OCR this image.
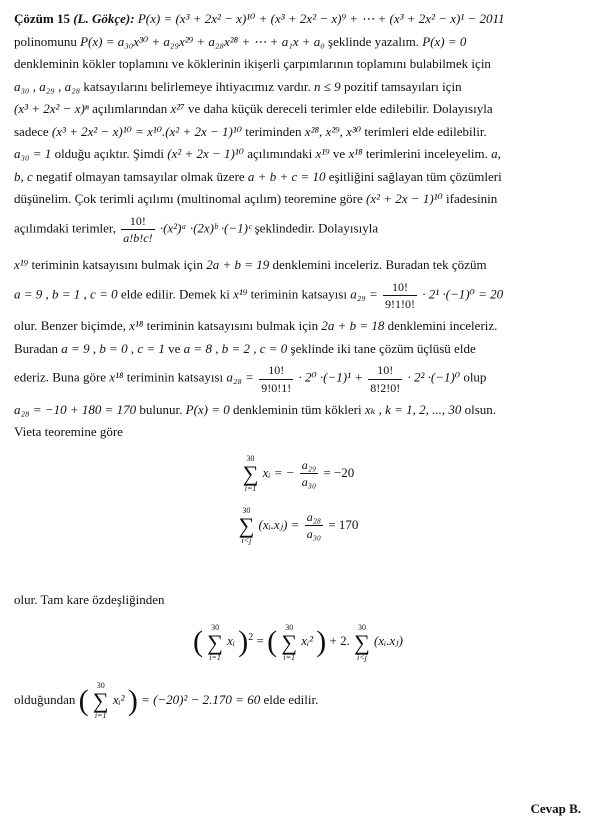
Çözüm 15 (L. Gökçe): P(x) = (x³ + 2x² − x)¹⁰ + (x³ + 2x² − x)⁹ + ⋯ + (x³ + 2x² − x)¹ − 2011
polinomunu P(x) = a₃₀x³⁰ + a₂₉x²⁹ + a₂₈x²⁸ + ⋯ + a₁x + a₀ şeklinde yazalım. P(x) = 0
denkleminin kökler toplamını ve köklerinin ikişerli çarpımlarının toplamını bulabilmek için
a₃₀ , a₂₉ , a₂₈ katsayılarını belirlemeye ihtiyacımız vardır. n ≤ 9 pozitif tamsayıları için
(x³ + 2x² − x)ⁿ açılımlarından x²⁷ ve daha küçük dereceli terimler elde edilebilir. Dolayısıyla
sadece (x³ + 2x² − x)¹⁰ = x¹⁰.(x² + 2x − 1)¹⁰ teriminden x²⁸, x²⁹, x³⁰ terimleri elde edilebilir.
a₃₀ = 1 olduğu açıktır. Şimdi (x² + 2x − 1)¹⁰ açılımındaki x¹⁹ ve x¹⁸ terimlerini inceleyelim. a,
b, c negatif olmayan tamsayılar olmak üzere a + b + c = 10 eşitliğini sağlayan tüm çözümleri
düşünelim. Çok terimli açılımı (multinomal açılım) teoremine göre (x² + 2x − 1)¹⁰ ifadesinin
açılımdaki terimler, $\frac{10!}{a!b!c!}$ ·(x²)ᵃ ·(2x)ᵇ ·(−1)ᶜ şeklindedir. Dolayısıyla
x¹⁹ teriminin katsayısını bulmak için 2a + b = 19 denklemini inceleriz. Buradan tek çözüm
a = 9 , b = 1 , c = 0 elde edilir. Demek ki x¹⁹ teriminin katsayısı $a_{29} = \frac{10!}{9!1!0!} \cdot 2^1 \cdot(-1)^0 = 20$
olur. Benzer biçimde, x¹⁸ teriminin katsayısını bulmak için 2a + b = 18 denklemini inceleriz.
Buradan a = 9 , b = 0 , c = 1 ve a = 8 , b = 2 , c = 0 şeklinde iki tane çözüm üçlüsü elde
ederiz. Buna göre x¹⁸ teriminin katsayısı $a_{28} = \frac{10!}{9!0!1!} \cdot 2^0 \cdot(-1)^1 + \frac{10!}{8!2!0!} \cdot 2^2 \cdot(-1)^0$ olup
a₂₈ = −10 + 180 = 170 bulunur. P(x) = 0 denkleminin tüm kökleri xₖ , k = 1, 2, ..., 30 olsun.
Vieta teoremine göre
30
∑
i=1
xᵢ = − $\frac{\text{a₂₉}}{\text{a₃₀}} = -20$
30
∑
i<j
(xᵢ.xⱼ) = $\frac{\text{a₂₈}}{\text{a₃₀}} = 170$
olur. Tam kare özdeşliğinden
(	30
∑
i=1
xᵢ )$^2$ = (	30
∑
i=1
xᵢ² ) + 2.
30
∑
i<j
(xᵢ.xⱼ)
olduğundan (	30
∑
i=1
xᵢ² ) = (−20)² − 2.170 = 60 elde edilir.
Cevap B.
